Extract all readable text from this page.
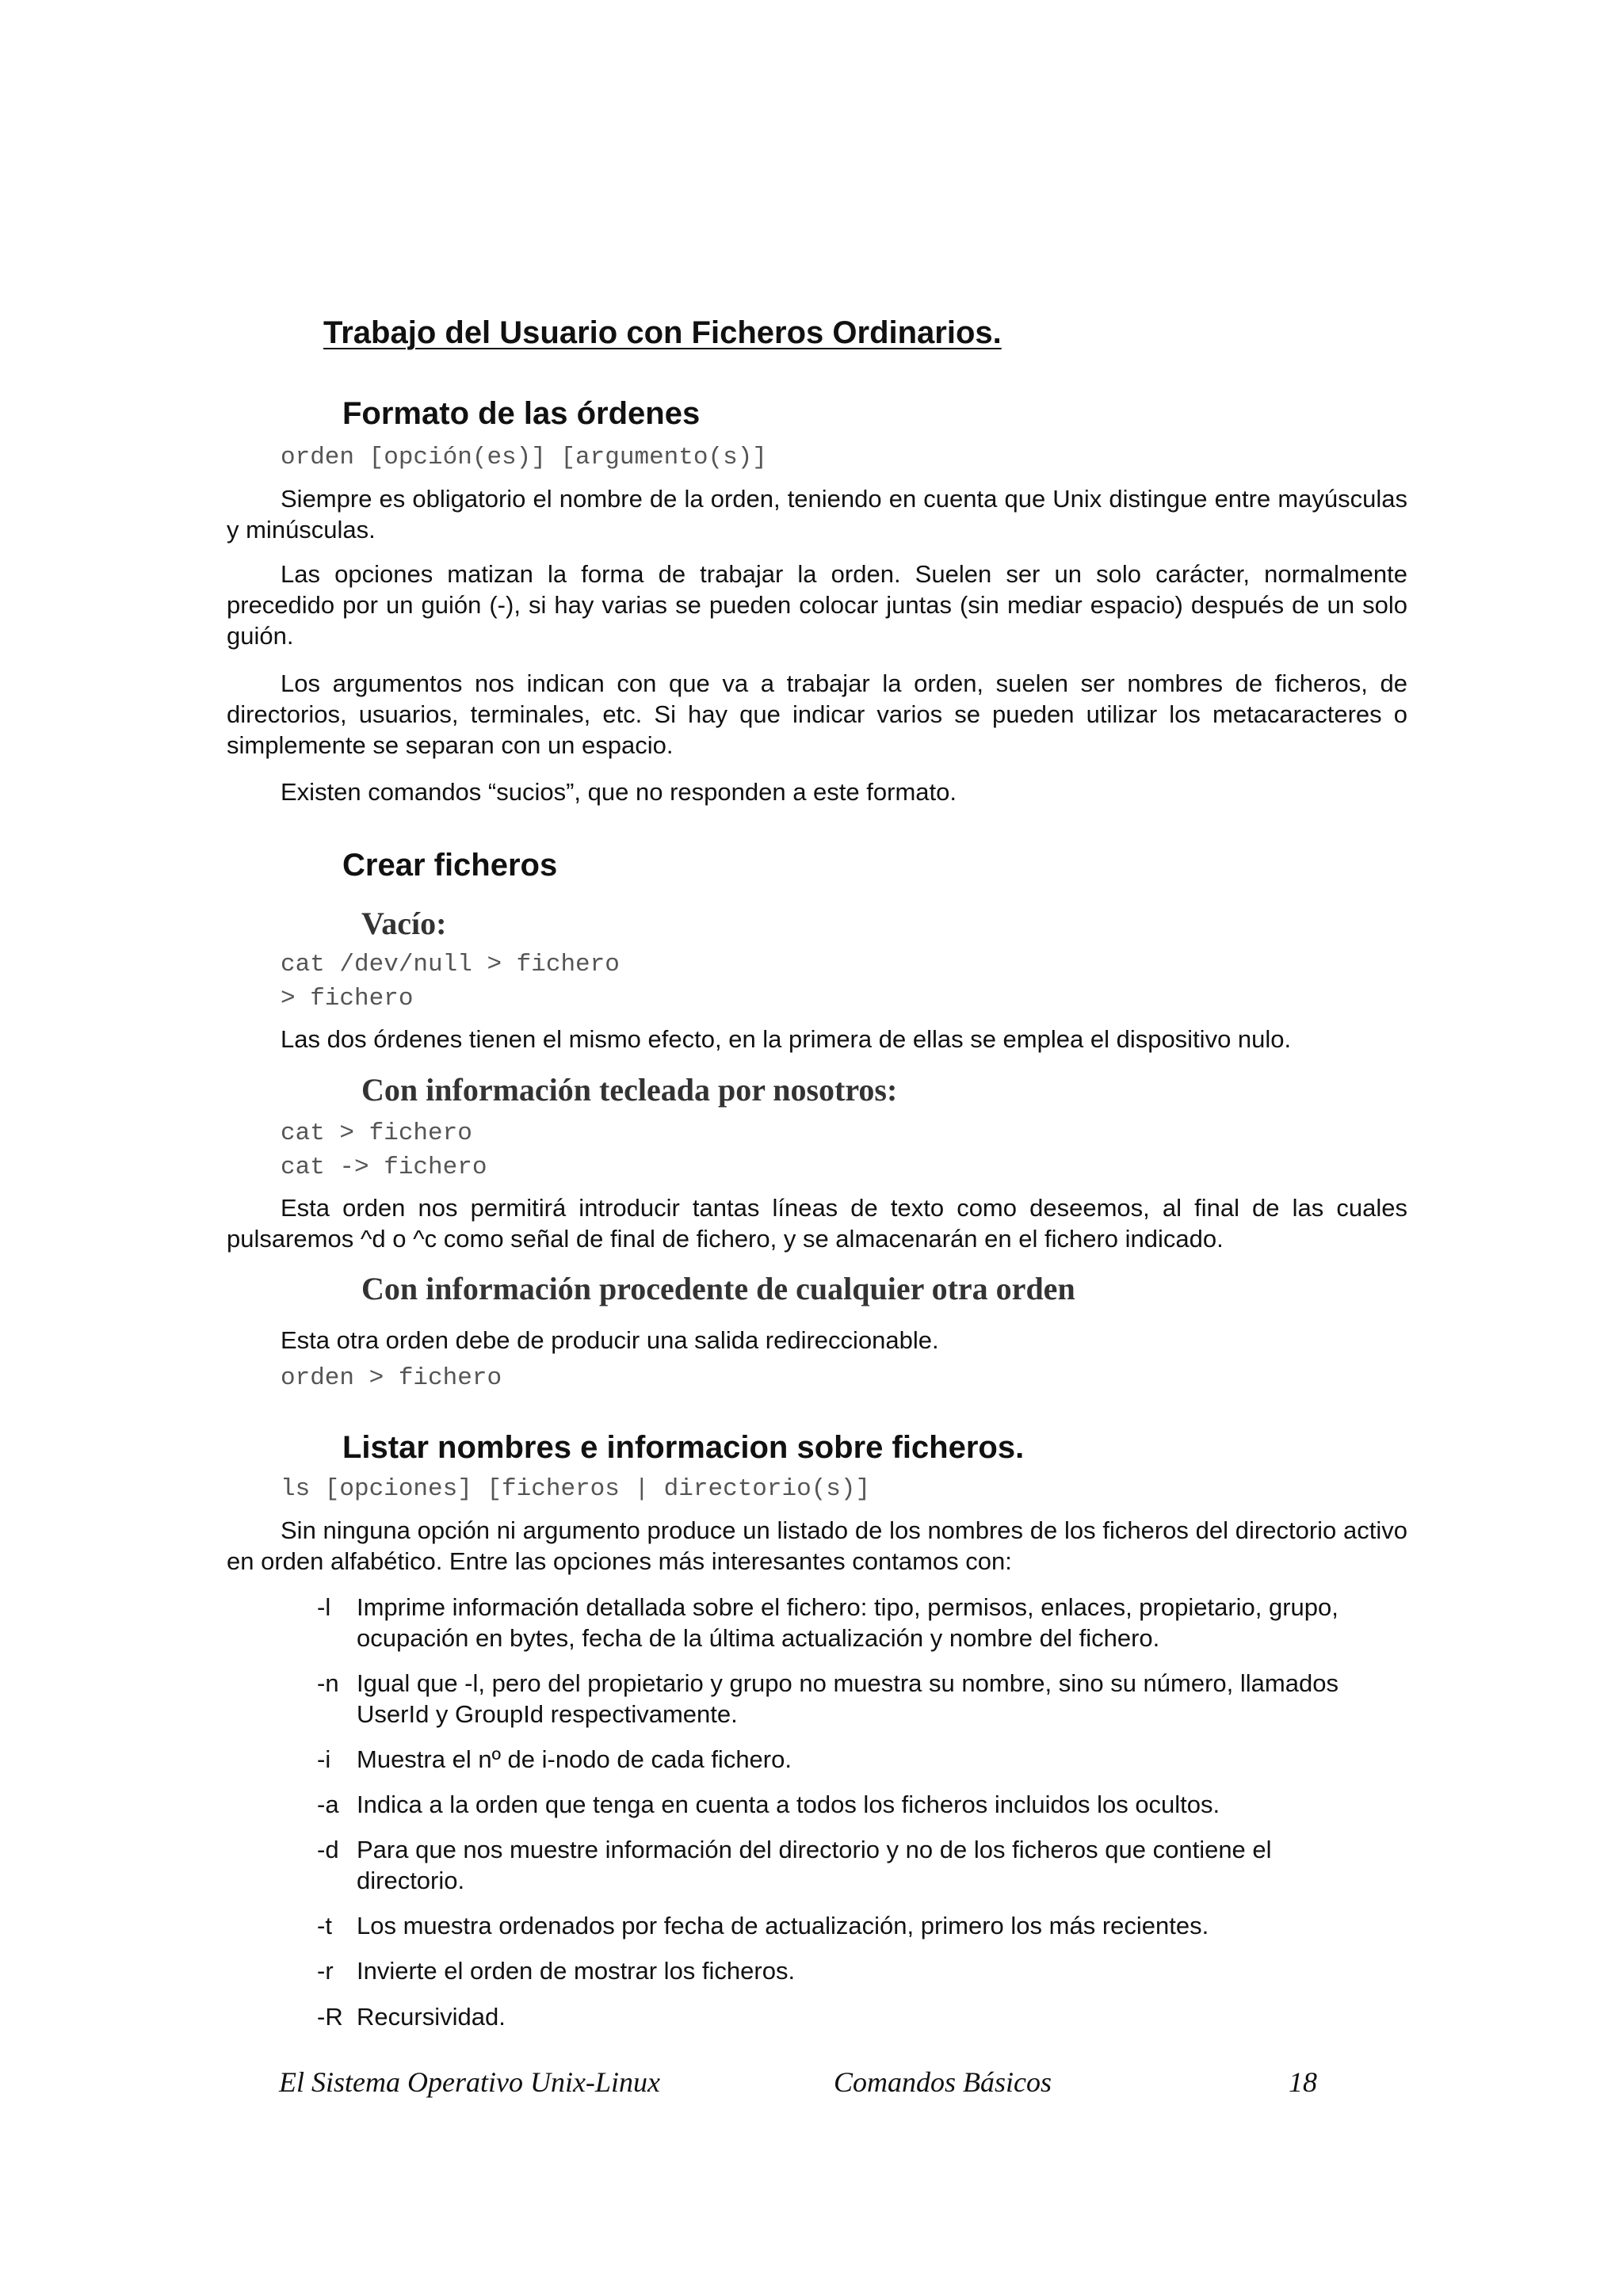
Trabajo del Usuario con Ficheros Ordinarios.
Formato de las órdenes
orden [opción(es)] [argumento(s)]

Siempre es obligatorio el nombre de la orden, teniendo en cuenta que Unix distingue entre mayúsculas y minúsculas.

Las opciones matizan la forma de trabajar la orden. Suelen ser un solo carácter, normalmente precedido por un guión (-), si hay varias se pueden colocar juntas (sin mediar espacio) después de un solo guión.

Los argumentos nos indican con que va a trabajar la orden, suelen ser nombres de ficheros, de directorios, usuarios, terminales, etc. Si hay que indicar varios se pueden utilizar los metacaracteres o simplemente se separan con un espacio.

Existen comandos “sucios”, que no responden a este formato.

Crear ficheros
Vacío:
cat /dev/null > fichero
> fichero

Las dos órdenes tienen el mismo efecto, en la primera de ellas se emplea el dispositivo nulo.

Con información tecleada por nosotros:
cat > fichero
cat -> fichero

Esta orden nos permitirá introducir tantas líneas de texto como deseemos, al final de las cuales pulsaremos ^d o ^c como señal de final de fichero, y se almacenarán en el fichero indicado.

Con información procedente de cualquier otra orden

Esta otra orden debe de producir una salida redireccionable.

orden > fichero
Listar nombres e informacion sobre ficheros.
ls [opciones] [ficheros | directorio(s)]

Sin ninguna opción ni argumento produce un listado de los nombres de los ficheros del directorio activo en orden alfabético. Entre las opciones más interesantes contamos con:

-l	Imprime información detallada sobre el fichero: tipo, permisos, enlaces, propietario, grupo, ocupación en bytes, fecha de la última actualización y nombre del fichero.
-n Igual que -l, pero del propietario y grupo no muestra su nombre, sino su número, llamados UserId y GroupId respectivamente.
-i	Muestra el nº de i-nodo de cada fichero.
-a Indica a la orden que tenga en cuenta a todos los ficheros incluidos los ocultos.
-d Para que nos muestre información del directorio y no de los ficheros que contiene el directorio.
-t	Los muestra ordenados por fecha de actualización, primero los más recientes.
-r Invierte el orden de mostrar los ficheros.
-R Recursividad.
El Sistema Operativo Unix-Linux	Comandos Básicos	18
